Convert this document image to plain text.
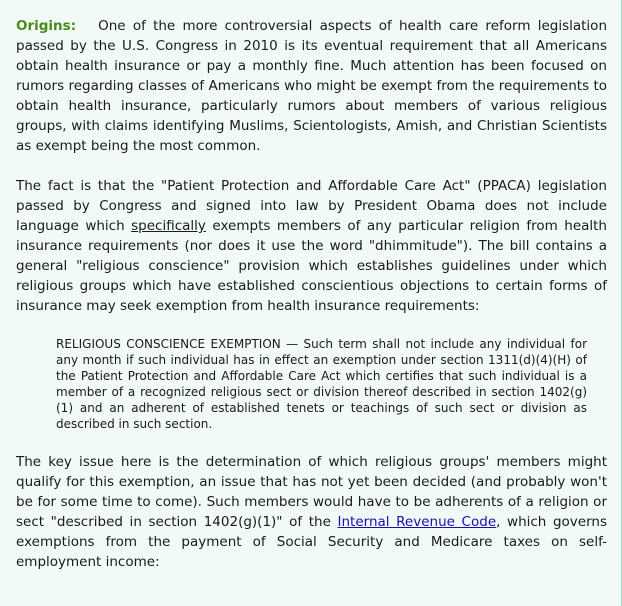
Origins: One of the more controversial aspects of health care reform legislation passed by the U.S. Congress in 2010 is its eventual requirement that all Americans obtain health insurance or pay a monthly fine. Much attention has been focused on rumors regarding classes of Americans who might be exempt from the requirements to obtain health insurance, particularly rumors about members of various religious groups, with claims identifying Muslims, Scientologists, Amish, and Christian Scientists as exempt being the most common.

The fact is that the "Patient Protection and Affordable Care Act" (PPACA) legislation passed by Congress and signed into law by President Obama does not include language which specifically exempts members of any particular religion from health insurance requirements (nor does it use the word "dhimmitude"). The bill contains a general "religious conscience" provision which establishes guidelines under which religious groups which have established conscientious objections to certain forms of insurance may seek exemption from health insurance requirements:

RELIGIOUS CONSCIENCE EXEMPTION — Such term shall not include any individual for any month if such individual has in effect an exemption under section 1311(d)(4)(H) of the Patient Protection and Affordable Care Act which certifies that such individual is a member of a recognized religious sect or division thereof described in section 1402(g)(1) and an adherent of established tenets or teachings of such sect or division as described in such section.

The key issue here is the determination of which religious groups' members might qualify for this exemption, an issue that has not yet been decided (and probably won't be for some time to come). Such members would have to be adherents of a religion or sect "described in section 1402(g)(1)" of the Internal Revenue Code, which governs exemptions from the payment of Social Security and Medicare taxes on self-employment income:
